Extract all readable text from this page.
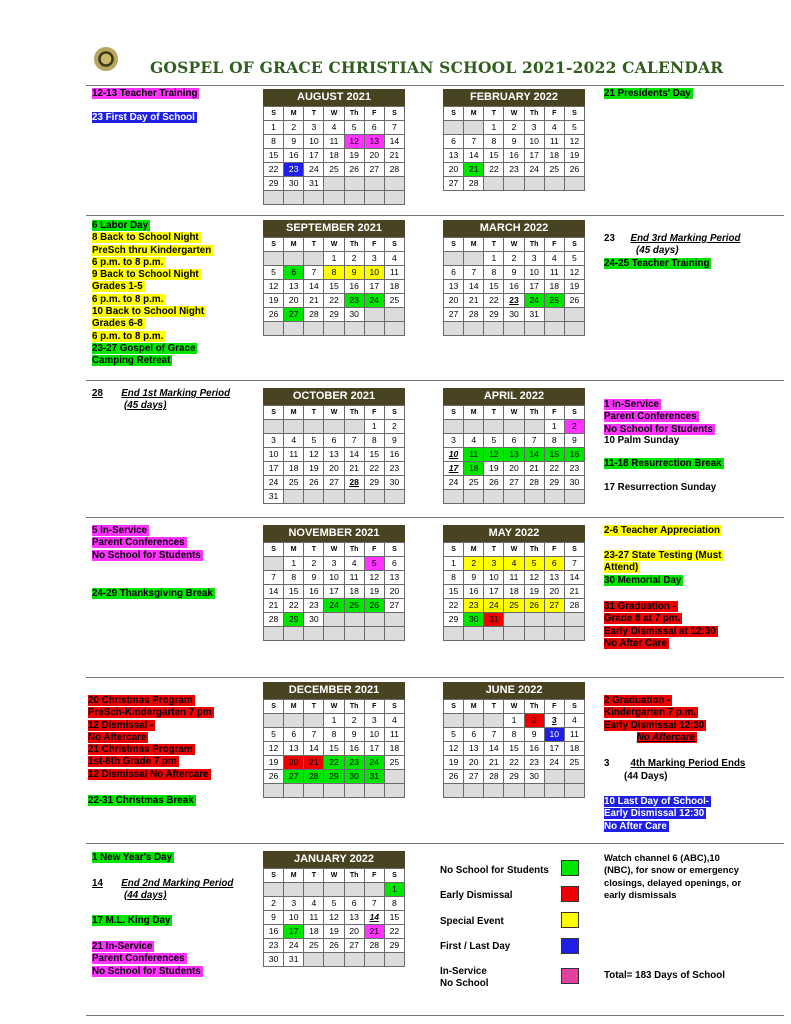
GOSPEL OF GRACE CHRISTIAN SCHOOL 2021-2022 CALENDAR
AUGUST 2021
S	M	T	W	Th	F	S
1	2	3	4	5	6	7
8	9	10	11	12	13	14
15	16	17	18	19	20	21
22	23	24	25	26	27	28
29	30	31				

FEBRUARY 2022
S	M	T	W	Th	F	S
		1	2	3	4	5
6	7	8	9	10	11	12
13	14	15	16	17	18	19
20	21	22	23	24	25	26
27	28					
SEPTEMBER 2021
S	M	T	W	Th	F	S
			1	2	3	4
5	6	7	8	9	10	11
12	13	14	15	16	17	18
19	20	21	22	23	24	25
26	27	28	29	30		

MARCH 2022
S	M	T	W	Th	F	S
		1	2	3	4	5
6	7	8	9	10	11	12
13	14	15	16	17	18	19
20	21	22	23	24	25	26
27	28	29	30	31		

OCTOBER 2021
S	M	T	W	Th	F	S
					1	2
3	4	5	6	7	8	9
10	11	12	13	14	15	16
17	18	19	20	21	22	23
24	25	26	27	28	29	30
31						
APRIL 2022
S	M	T	W	Th	F	S
					1	2
3	4	5	6	7	8	9
10	11	12	13	14	15	16
17	18	19	20	21	22	23
24	25	26	27	28	29	30

NOVEMBER 2021
S	M	T	W	Th	F	S
	1	2	3	4	5	6
7	8	9	10	11	12	13
14	15	16	17	18	19	20
21	22	23	24	25	26	27
28	29	30				

MAY 2022
S	M	T	W	Th	F	S
1	2	3	4	5	6	7
8	9	10	11	12	13	14
15	16	17	18	19	20	21
22	23	24	25	26	27	28
29	30	31				

DECEMBER 2021
S	M	T	W	Th	F	S
			1	2	3	4
5	6	7	8	9	10	11
12	13	14	15	16	17	18
19	20	21	22	23	24	25
26	27	28	29	30	31	

JUNE 2022
S	M	T	W	Th	F	S
			1	2	3	4
5	6	7	8	9	10	11
12	13	14	15	16	17	18
19	20	21	22	23	24	25
26	27	28	29	30		

JANUARY 2022
S	M	T	W	Th	F	S
						1
2	3	4	5	6	7	8
9	10	11	12	13	14	15
16	17	18	19	20	21	22
23	24	25	26	27	28	29
30	31					
12-13 Teacher Training
23 First Day of School
21 Presidents' Day
6 Labor Day
8 Back to School Night
PreSch thru Kindergarten
6 p.m. to 8 p.m.
9 Back to School Night
Grades 1-5
6 p.m. to 8 p.m.
10 Back to School Night
Grades 6-8
6 p.m. to 8 p.m.
23-27 Gospel of Grace
Camping Retreat
23 End 3rd Marking Period
(45 days)
24-25 Teacher Training
28 End 1st Marking Period
(45 days)	1 In-Service
Parent Conferences
No School for Students
10 Palm Sunday
11-18 Resurrection Break
17 Resurrection Sunday
5 In-Service
Parent Conferences
No School for Students
24-29 Thanksgiving Break
2-6 Teacher Appreciation
23-27 State Testing (Must
Attend)
30 Memorial Day
31 Graduation -
Grade 8 at 7 pm.
Early Dismissal at 12:30
No After Care
20 Christmas Program
PreSch-Kindergarten 7 pm
12 Dismissal -
No Aftercare
21 Christmas Program
1st-8th Grade 7 pm
12 Dismissal No Aftercare
22-31 Christmas Break
2 Graduation -
Kindergarten 7 p.m.
Early Dismissal 12:30
No Aftercare
3 4th Marking Period Ends
(44 Days)
10 Last Day of School-
Early Dismissal 12:30
No After Care
1 New Year's Day
14 End 2nd Marking Period
(44 days)
17 M.L. King Day
21 In-Service
Parent Conferences
No School for Students
No School for Students
Early Dismissal
Special Event
First / Last Day
In-Service
No School
Watch channel 6 (ABC),10
(NBC), for snow or emergency
closings, delayed openings, or
early dismissals
Total= 183 Days of School
